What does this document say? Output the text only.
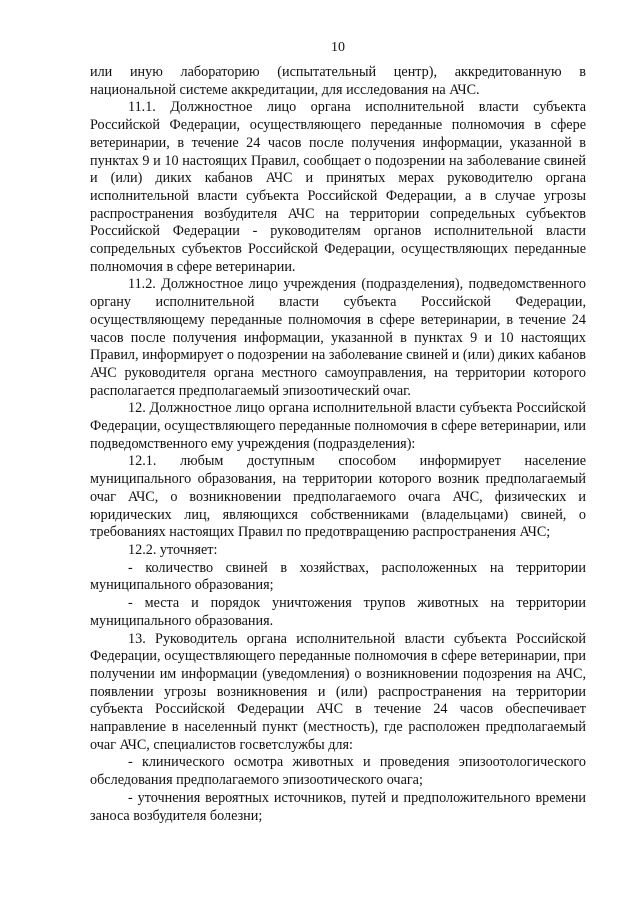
10

или иную лабораторию (испытательный центр), аккредитованную в национальной системе аккредитации, для исследования на АЧС.

11.1. Должностное лицо органа исполнительной власти субъекта Российской Федерации, осуществляющего переданные полномочия в сфере ветеринарии, в течение 24 часов после получения информации, указанной в пунктах 9 и 10 настоящих Правил, сообщает о подозрении на заболевание свиней и (или) диких кабанов АЧС и принятых мерах руководителю органа исполнительной власти субъекта Российской Федерации, а в случае угрозы распространения возбудителя АЧС на территории сопредельных субъектов Российской Федерации - руководителям органов исполнительной власти сопредельных субъектов Российской Федерации, осуществляющих переданные полномочия в сфере ветеринарии.

11.2. Должностное лицо учреждения (подразделения), подведомственного органу исполнительной власти субъекта Российской Федерации, осуществляющему переданные полномочия в сфере ветеринарии, в течение 24 часов после получения информации, указанной в пунктах 9 и 10 настоящих Правил, информирует о подозрении на заболевание свиней и (или) диких кабанов АЧС руководителя органа местного самоуправления, на территории которого располагается предполагаемый эпизоотический очаг.

12. Должностное лицо органа исполнительной власти субъекта Российской Федерации, осуществляющего переданные полномочия в сфере ветеринарии, или подведомственного ему учреждения (подразделения):

12.1. любым доступным способом информирует население муниципального образования, на территории которого возник предполагаемый очаг АЧС, о возникновении предполагаемого очага АЧС, физических и юридических лиц, являющихся собственниками (владельцами) свиней, о требованиях настоящих Правил по предотвращению распространения АЧС;

12.2. уточняет:

- количество свиней в хозяйствах, расположенных на территории муниципального образования;

- места и порядок уничтожения трупов животных на территории муниципального образования.

13. Руководитель органа исполнительной власти субъекта Российской Федерации, осуществляющего переданные полномочия в сфере ветеринарии, при получении им информации (уведомления) о возникновении подозрения на АЧС, появлении угрозы возникновения и (или) распространения на территории субъекта Российской Федерации АЧС в течение 24 часов обеспечивает направление в населенный пункт (местность), где расположен предполагаемый очаг АЧС, специалистов госветслужбы для:

- клинического осмотра животных и проведения эпизоотологического обследования предполагаемого эпизоотического очага;

- уточнения вероятных источников, путей и предположительного времени заноса возбудителя болезни;
